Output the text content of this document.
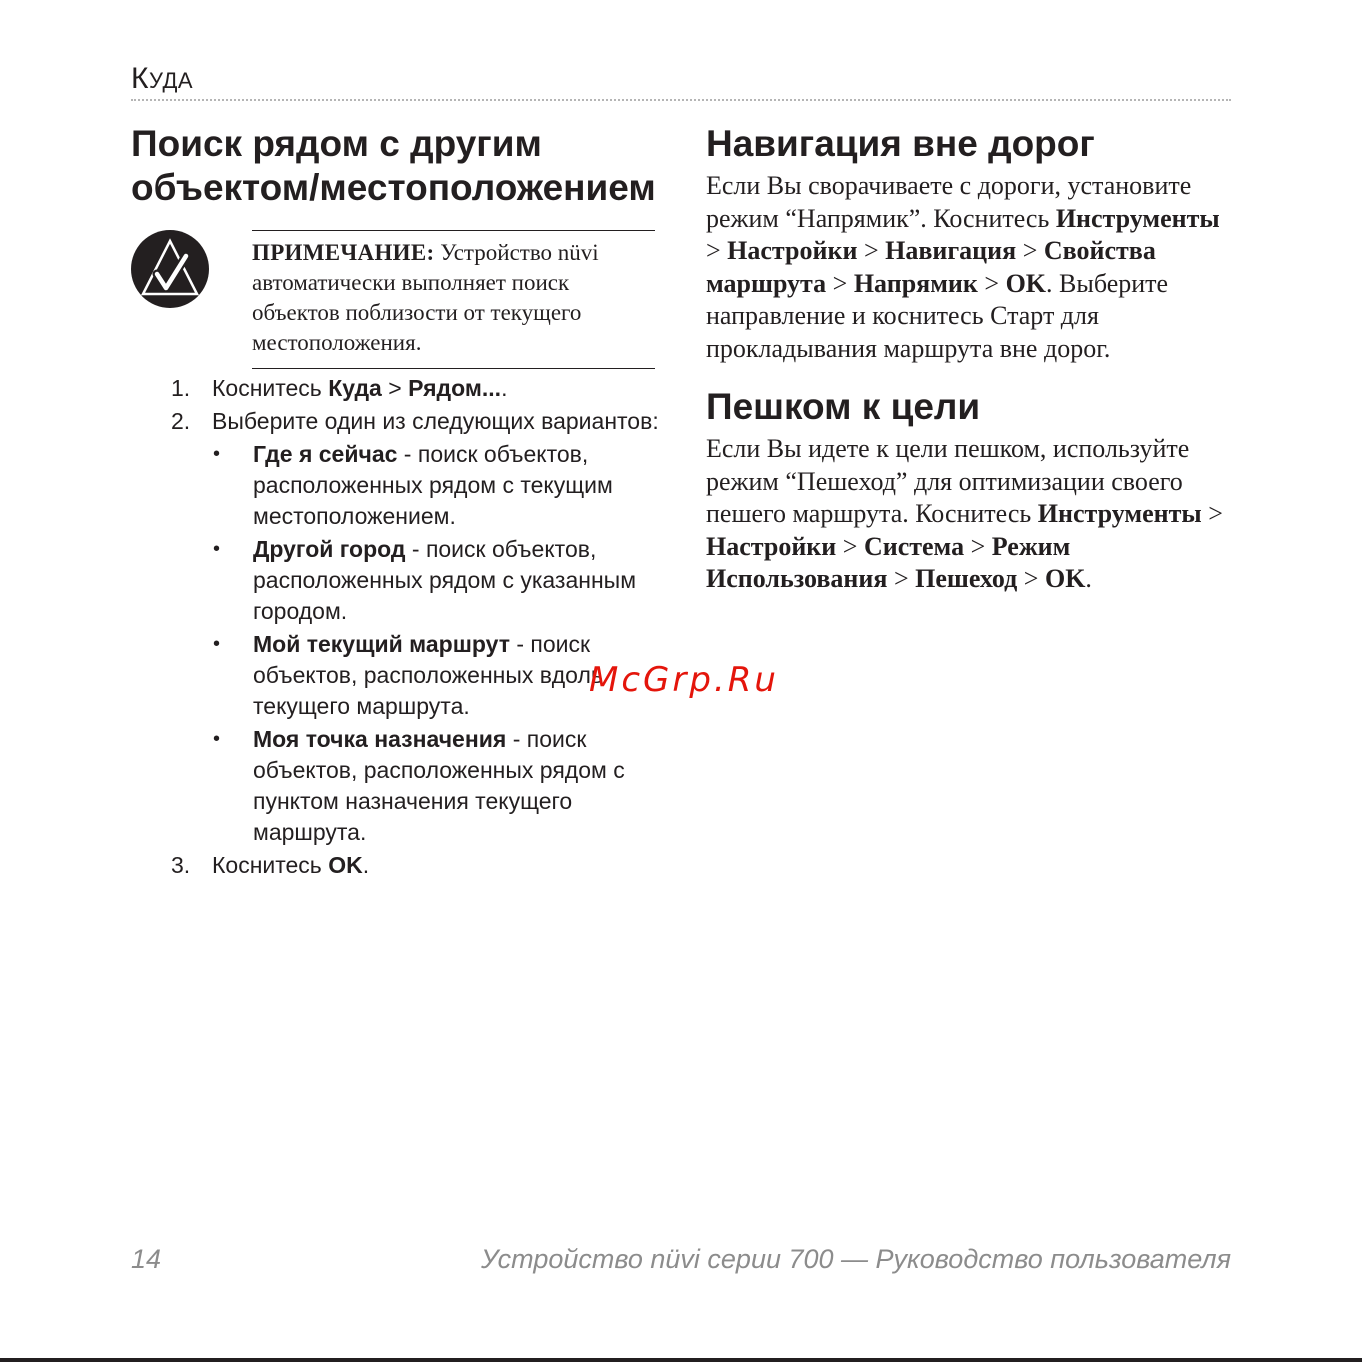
КУДА
Поиск рядом с другим объектом/местоположением
ПРИМЕЧАНИЕ: Устройство nüvi автоматически выполняет поиск объектов поблизости от текущего местоположения.
1. Коснитесь Куда > Рядом....
2. Выберите один из следующих вариантов:
• Где я сейчас - поиск объектов, расположенных рядом с текущим местоположением.
• Другой город - поиск объектов, расположенных рядом с указанным городом.
• Мой текущий маршрут - поиск объектов, расположенных вдоль текущего маршрута.
• Моя точка назначения - поиск объектов, расположенных рядом с пунктом назначения текущего маршрута.
3. Коснитесь OK.
Навигация вне дорог

Если Вы сворачиваете с дороги, установите режим “Напрямик”. Коснитесь Инструменты > Настройки > Навигация > Свойства маршрута > Напрямик > OK. Выберите направление и коснитесь Старт для прокладывания маршрута вне дорог.

Пешком к цели

Если Вы идете к цели пешком, используйте режим “Пешеход” для оптимизации своего пешего маршрута. Коснитесь Инструменты > Настройки > Система > Режим Использования > Пешеход > OK.

McGrp.Ru
14	Устройство nüvi серии 700 — Руководство пользователя
